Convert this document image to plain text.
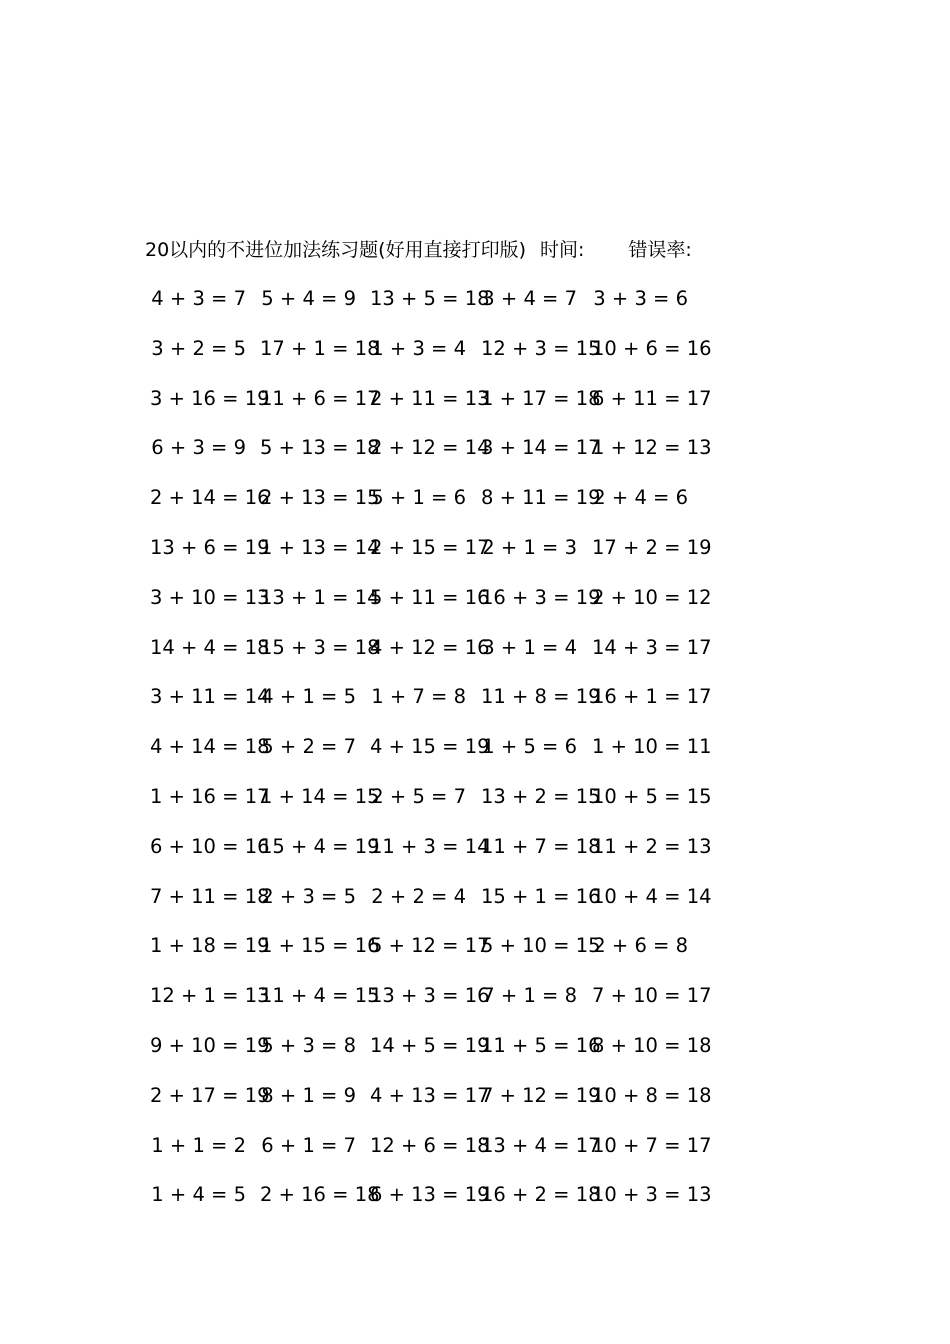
20以内的不进位加法练习题(好用直接打印版) 时间: 错误率:
4 + 3 = 7 5 + 4 = 9 13 + 5 = 18
3 + 4 = 7 3 + 3 = 6
3 + 2 = 5 17 + 1 = 18
1 + 3 = 4 12 + 3 = 15
10 + 6 = 16
3 + 16 = 19
11 + 6 = 17
2 + 11 = 13
1 + 17 = 18
6 + 11 = 17
6 + 3 = 9 5 + 13 = 18
2 + 12 = 14
3 + 14 = 17
1 + 12 = 13
2 + 14 = 16
2 + 13 = 15
5 + 1 = 6 8 + 11 = 19
2 + 4 = 6
13 + 6 = 19
1 + 13 = 14
2 + 15 = 17
2 + 1 = 3 17 + 2 = 19
3 + 10 = 13
13 + 1 = 14
5 + 11 = 16
16 + 3 = 19
2 + 10 = 12
14 + 4 = 18
15 + 3 = 18
4 + 12 = 16
3 + 1 = 4 14 + 3 = 17
3 + 11 = 14
4 + 1 = 5 1 + 7 = 8 11 + 8 = 19
16 + 1 = 17
4 + 14 = 18
5 + 2 = 7 4 + 15 = 19
1 + 5 = 6 1 + 10 = 11
1 + 16 = 17
1 + 14 = 15
2 + 5 = 7 13 + 2 = 15
10 + 5 = 15
6 + 10 = 16
15 + 4 = 19
11 + 3 = 14
11 + 7 = 18
11 + 2 = 13
7 + 11 = 18
2 + 3 = 5 2 + 2 = 4 15 + 1 = 16
10 + 4 = 14
1 + 18 = 19
1 + 15 = 16
5 + 12 = 17
5 + 10 = 15
2 + 6 = 8
12 + 1 = 13
11 + 4 = 15
13 + 3 = 16
7 + 1 = 8 7 + 10 = 17
9 + 10 = 19
5 + 3 = 8 14 + 5 = 19
11 + 5 = 16
8 + 10 = 18
2 + 17 = 19
8 + 1 = 9 4 + 13 = 17
7 + 12 = 19
10 + 8 = 18
1 + 1 = 2 6 + 1 = 7 12 + 6 = 18
13 + 4 = 17
10 + 7 = 17
1 + 4 = 5 2 + 16 = 18
6 + 13 = 19
16 + 2 = 18
10 + 3 = 13
